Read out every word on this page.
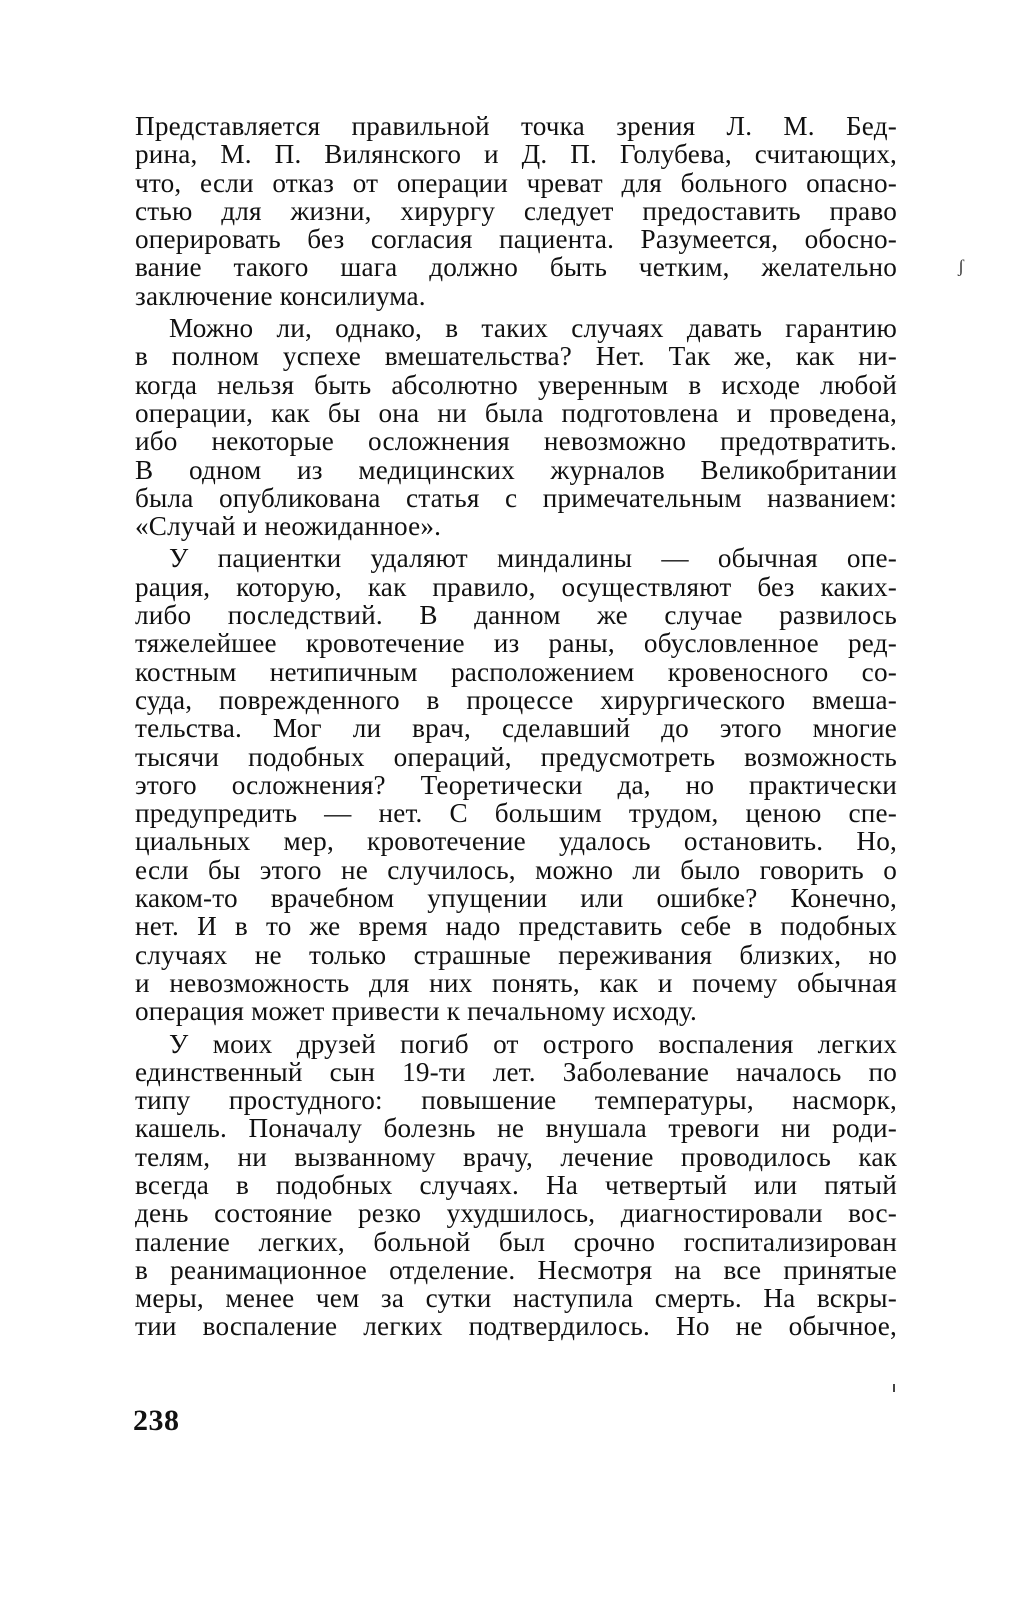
Представляется правильной точка зрения Л. М. Бед-
рина, М. П. Вилянского и Д. П. Голубева, считающих,
что, если отказ от операции чреват для больного опасно-
стью для жизни, хирургу следует предоставить право
оперировать без согласия пациента. Разумеется, обосно-
вание такого шага должно быть четким, желательно
заключение консилиума.

Можно ли, однако, в таких случаях давать гарантию
в полном успехе вмешательства? Нет. Так же, как ни-
когда нельзя быть абсолютно уверенным в исходе любой
операции, как бы она ни была подготовлена и проведена,
ибо некоторые осложнения невозможно предотвратить.
В одном из медицинских журналов Великобритании
была опубликована статья с примечательным названием:
«Случай и неожиданное».

У пациентки удаляют миндалины — обычная опе-
рация, которую, как правило, осуществляют без каких-
либо последствий. В данном же случае развилось
тяжелейшее кровотечение из раны, обусловленное ред-
костным нетипичным расположением кровеносного со-
суда, поврежденного в процессе хирургического вмеша-
тельства. Мог ли врач, сделавший до этого многие
тысячи подобных операций, предусмотреть возможность
этого осложнения? Теоретически да, но практически
предупредить — нет. С большим трудом, ценою спе-
циальных мер, кровотечение удалось остановить. Но,
если бы этого не случилось, можно ли было говорить о
каком-то врачебном упущении или ошибке? Конечно,
нет. И в то же время надо представить себе в подобных
случаях не только страшные переживания близких, но
и невозможность для них понять, как и почему обычная
операция может привести к печальному исходу.

У моих друзей погиб от острого воспаления легких
единственный сын 19-ти лет. Заболевание началось по
типу простудного: повышение температуры, насморк,
кашель. Поначалу болезнь не внушала тревоги ни роди-
телям, ни вызванному врачу, лечение проводилось как
всегда в подобных случаях. На четвертый или пятый
день состояние резко ухудшилось, диагностировали вос-
паление легких, больной был срочно госпитализирован
в реанимационное отделение. Несмотря на все принятые
меры, менее чем за сутки наступила смерть. На вскры-
тии воспаление легких подтвердилось. Но не обычное,

ʃ
238
